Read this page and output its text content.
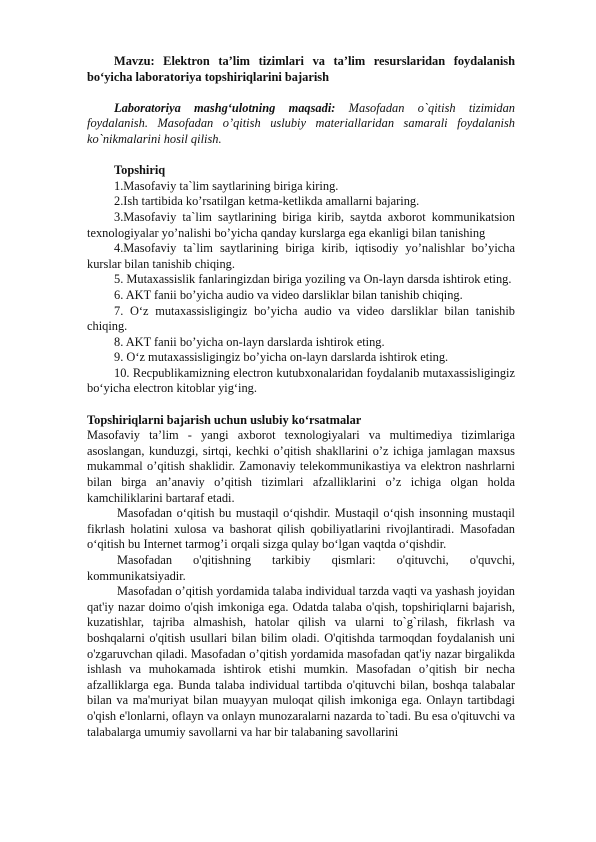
Mavzu: Elektron ta’lim tizimlari va ta’lim resurslaridan foydalanish bo‘yicha laboratoriya topshiriqlarini bajarish

Laboratoriya mashg‘ulotning maqsadi: Masofadan o`qitish tizimidan foydalanish. Masofadan o’qitish uslubiy materiallaridan samarali foydalanish ko`nikmalarini hosil qilish.

Topshiriq

1.Masofaviy ta`lim saytlarining biriga kiring.

2.Ish tartibida ko’rsatilgan ketma-ketlikda amallarni bajaring.

3.Masofaviy ta`lim saytlarining biriga kirib, saytda axborot kommunikatsion texnologiyalar yo’nalishi bo’yicha qanday kurslarga ega ekanligi bilan tanishing

4.Masofaviy ta`lim saytlarining biriga kirib, iqtisodiy yo’nalishlar bo’yicha kurslar bilan tanishib chiqing.

5. Mutaxassislik fanlaringizdan biriga yoziling va On-layn darsda ishtirok eting.

6. AKT fanii bo’yicha audio va video darsliklar bilan tanishib chiqing.

7. O‘z mutaxassisligingiz bo’yicha audio va video darsliklar bilan tanishib chiqing.

8. AKT fanii bo’yicha on-layn darslarda ishtirok eting.

9. O‘z mutaxassisligingiz bo’yicha on-layn darslarda ishtirok eting.

10. Recpublikamizning electron kutubxonalaridan foydalanib mutaxassisligingiz bo‘yicha electron kitoblar yig‘ing.

Topshiriqlarni bajarish uchun uslubiy ko‘rsatmalar

Masofaviy ta’lim - yangi axborot texnologiyalari va multimediya tizimlariga asoslangan, kunduzgi, sirtqi, kechki o’qitish shakllarini o’z ichiga jamlagan maxsus mukammal o’qitish shaklidir. Zamonaviy telekommunikastiya va elektron nashrlarni bilan birga an’anaviy o’qitish tizimlari afzalliklarini o’z ichiga olgan holda kamchiliklarini bartaraf etadi.

Masofadan o‘qitish bu mustaqil o‘qishdir. Mustaqil o‘qish insonning mustaqil fikrlash holatini xulosa va bashorat qilish qobiliyatlarini rivojlantiradi. Masofadan o‘qitish bu Internet tarmog’i orqali sizga qulay bo‘lgan vaqtda o‘qishdir.

Masofadan o'qitishning tarkibiy qismlari: o'qituvchi, o'quvchi, kommunikatsiyadir.

Masofadan o’qitish yordamida talaba individual tarzda vaqti va yashash joyidan qat'iy nazar doimo o'qish imkoniga ega. Odatda talaba o'qish, topshiriqlarni bajarish, kuzatishlar, tajriba almashish, hatolar qilish va ularni to`g`rilash, fikrlash va boshqalarni o'qitish usullari bilan bilim oladi. O'qitishda tarmoqdan foydalanish uni o'zgaruvchan qiladi. Masofadan o’qitish yordamida masofadan qat'iy nazar birgalikda ishlash va muhokamada ishtirok etishi mumkin. Masofadan o’qitish bir necha afzalliklarga ega. Bunda talaba individual tartibda o'qituvchi bilan, boshqa talabalar bilan va ma'muriyat bilan muayyan muloqat qilish imkoniga ega. Onlayn tartibdagi o'qish e'lonlarni, oflayn va onlayn munozaralarni nazarda to`tadi. Bu esa o'qituvchi va talabalarga umumiy savollarni va har bir talabaning savollarini
